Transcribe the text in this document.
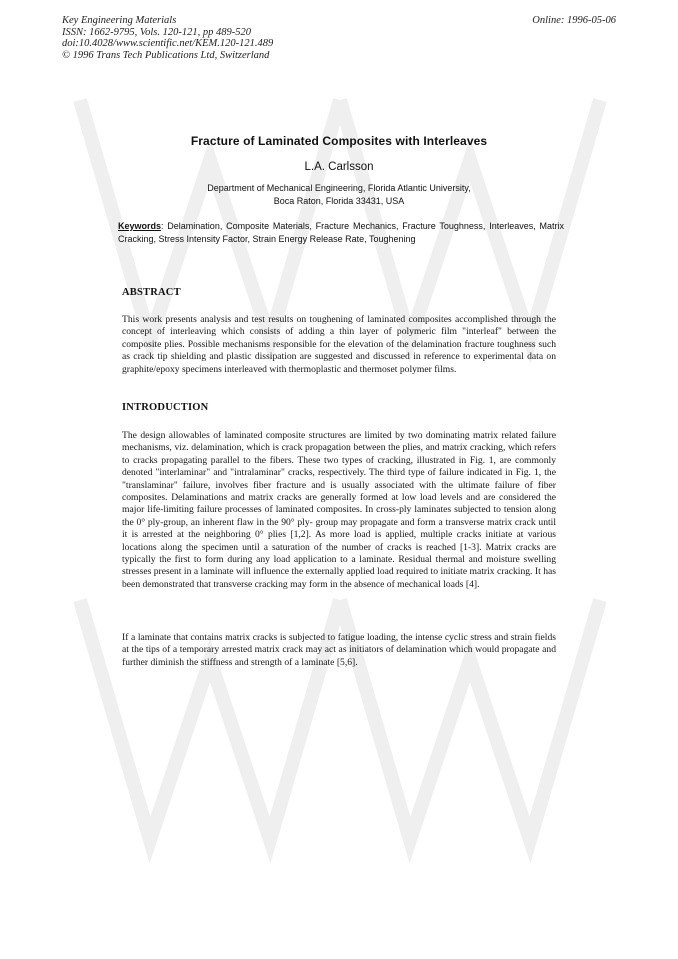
Key Engineering Materials
ISSN: 1662-9795, Vols. 120-121, pp 489-520
doi:10.4028/www.scientific.net/KEM.120-121.489
© 1996 Trans Tech Publications Ltd, Switzerland
Online: 1996-05-06
Fracture of Laminated Composites with Interleaves
L.A. Carlsson
Department of Mechanical Engineering, Florida Atlantic University,
Boca Raton, Florida 33431, USA
Keywords: Delamination, Composite Materials, Fracture Mechanics, Fracture Toughness, Interleaves, Matrix Cracking, Stress Intensity Factor, Strain Energy Release Rate, Toughening
ABSTRACT
This work presents analysis and test results on toughening of laminated composites accomplished through the concept of interleaving which consists of adding a thin layer of polymeric film "interleaf" between the composite plies. Possible mechanisms responsible for the elevation of the delamination fracture toughness such as crack tip shielding and plastic dissipation are suggested and discussed in reference to experimental data on graphite/epoxy specimens interleaved with thermoplastic and thermoset polymer films.
INTRODUCTION
The design allowables of laminated composite structures are limited by two dominating matrix related failure mechanisms, viz. delamination, which is crack propagation between the plies, and matrix cracking, which refers to cracks propagating parallel to the fibers. These two types of cracking, illustrated in Fig. 1, are commonly denoted "interlaminar" and "intralaminar" cracks, respectively. The third type of failure indicated in Fig. 1, the "translaminar" failure, involves fiber fracture and is usually associated with the ultimate failure of fiber composites. Delaminations and matrix cracks are generally formed at low load levels and are considered the major life-limiting failure processes of laminated composites. In cross-ply laminates subjected to tension along the 0° ply-group, an inherent flaw in the 90° ply- group may propagate and form a transverse matrix crack until it is arrested at the neighboring 0° plies [1,2]. As more load is applied, multiple cracks initiate at various locations along the specimen until a saturation of the number of cracks is reached [1-3]. Matrix cracks are typically the first to form during any load application to a laminate. Residual thermal and moisture swelling stresses present in a laminate will influence the externally applied load required to initiate matrix cracking. It has been demonstrated that transverse cracking may form in the absence of mechanical loads [4].
If a laminate that contains matrix cracks is subjected to fatigue loading, the intense cyclic stress and strain fields at the tips of a temporary arrested matrix crack may act as initiators of delamination which would propagate and further diminish the stiffness and strength of a laminate [5,6].
